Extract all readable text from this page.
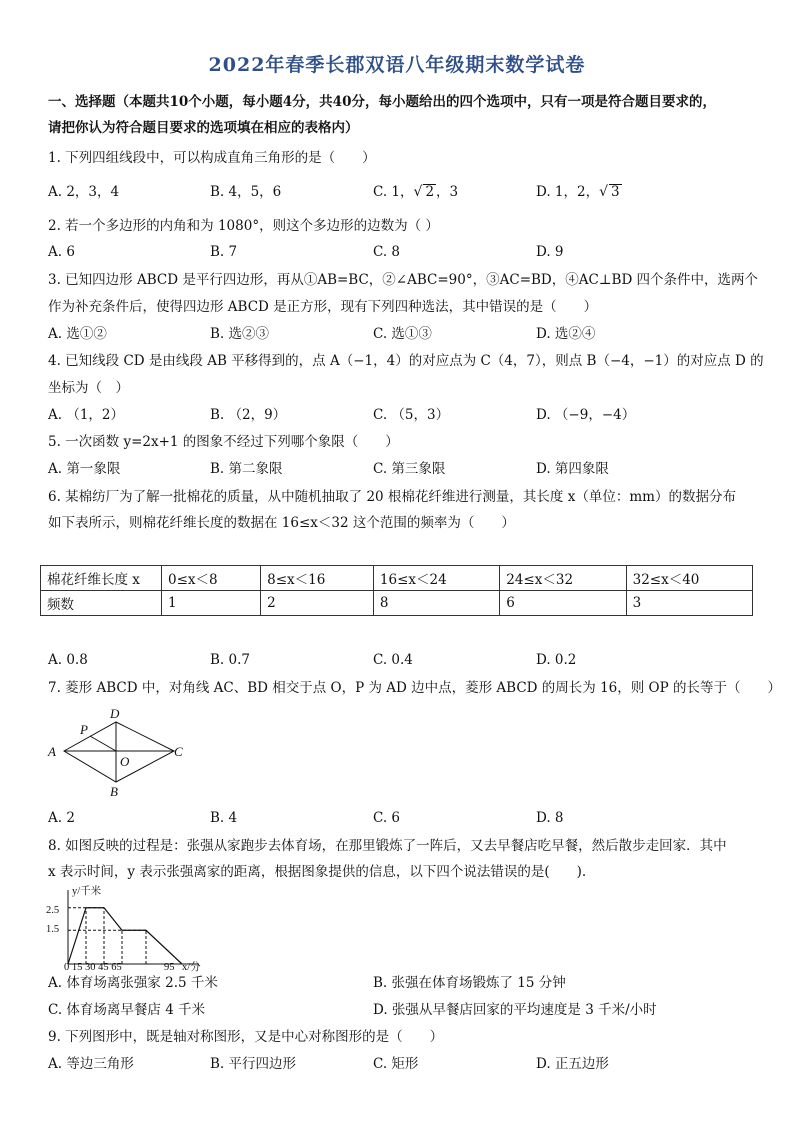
2022年春季长郡双语八年级期末数学试卷
一、选择题（本题共10个小题，每小题4分，共40分，每小题给出的四个选项中，只有一项是符合题目要求的，
请把你认为符合题目要求的选项填在相应的表格内）
1. 下列四组线段中，可以构成直角三角形的是（　　）
A. 2，3，4	B. 4，5，6	C. 1，√ 2 ，3	D. 1，2，√ 3
2. 若一个多边形的内角和为 1080°，则这个多边形的边数为（ ）
A. 6	B. 7	C. 8	D. 9
3. 已知四边形 ABCD 是平行四边形，再从①AB=BC，②∠ABC=90°，③AC=BD，④AC⊥BD 四个条件中，选两个
作为补充条件后，使得四边形 ABCD 是正方形，现有下列四种选法，其中错误的是（　　）
A. 选①②	B. 选②③	C. 选①③	D. 选②④
4. 已知线段 CD 是由线段 AB 平移得到的，点 A（−1，4）的对应点为 C（4，7），则点 B（−4，−1）的对应点 D 的
坐标为（　）
A. （1，2）	B. （2，9）	C. （5，3）	D. （−9，−4）
5. 一次函数 y=2x+1 的图象不经过下列哪个象限（　　）
A. 第一象限	B. 第二象限	C. 第三象限	D. 第四象限
6. 某棉纺厂为了解一批棉花的质量，从中随机抽取了 20 根棉花纤维进行测量，其长度 x（单位：mm）的数据分布
如下表所示，则棉花纤维长度的数据在 16≤x＜32 这个范围的频率为（　　）
棉花纤维长度 x	0≤x＜8	8≤x＜16	16≤x＜24	24≤x＜32	32≤x＜40
频数	1	2	8	6	3
A. 0.8	B. 0.7	C. 0.4	D. 0.2
7. 菱形 ABCD 中，对角线 AC、BD 相交于点 O，P 为 AD 边中点，菱形 ABCD 的周长为 16，则 OP 的长等于（　　）
A
D
P
C
O
B
A. 2	B. 4	C. 6	D. 8
8. 如图反映的过程是：张强从家跑步去体育场，在那里锻炼了一阵后，又去早餐店吃早餐，然后散步走回家．其中
x 表示时间，y 表示张强离家的距离，根据图象提供的信息，以下四个说法错误的是(　　).
y/千米
2.5
1.5
0 15 30 45 65	95 x/分
A. 体育场离张强家 2.5 千米	B. 张强在体育场锻炼了 15 分钟
C. 体育场离早餐店 4 千米	D. 张强从早餐店回家的平均速度是 3 千米/小时
9. 下列图形中，既是轴对称图形，又是中心对称图形的是（　　）
A. 等边三角形	B. 平行四边形	C. 矩形	D. 正五边形
